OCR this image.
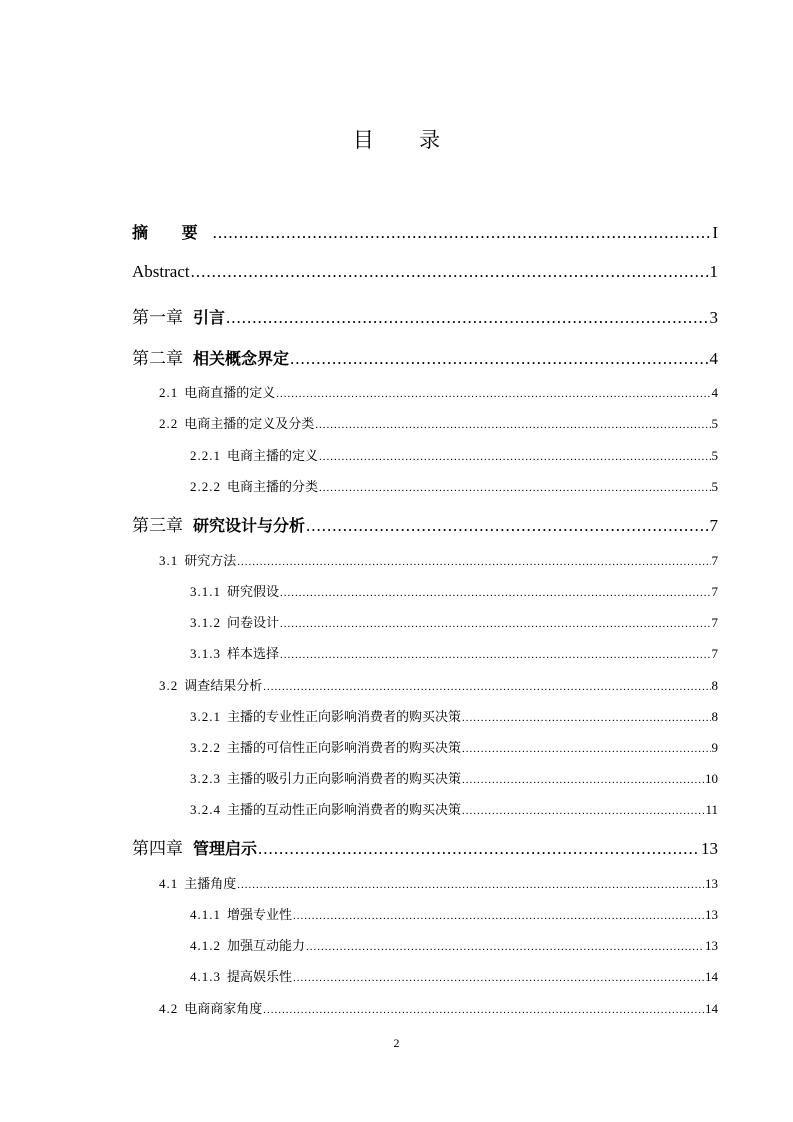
目 录
摘 要 .....	I
Abstract .....	1
第一章 引言 .....	3
第二章 相关概念界定 .....	4
2.1 电商直播的定义 .....	4
2.2 电商主播的定义及分类 .....	5
2.2.1 电商主播的定义 .....	5
2.2.2 电商主播的分类 .....	5
第三章 研究设计与分析 .....	7
3.1 研究方法 .....	7
3.1.1 研究假设 .....	7
3.1.2 问卷设计 .....	7
3.1.3 样本选择 .....	7
3.2 调查结果分析 .....	8
3.2.1 主播的专业性正向影响消费者的购买决策 .....	8
3.2.2 主播的可信性正向影响消费者的购买决策 .....	9
3.2.3 主播的吸引力正向影响消费者的购买决策 .....	10
3.2.4 主播的互动性正向影响消费者的购买决策 .....	11
第四章 管理启示 .....	13
4.1 主播角度 .....	13
4.1.1 增强专业性 .....	13
4.1.2 加强互动能力 .....	13
4.1.3 提高娱乐性 .....	14
4.2 电商商家角度 .....	14
2
